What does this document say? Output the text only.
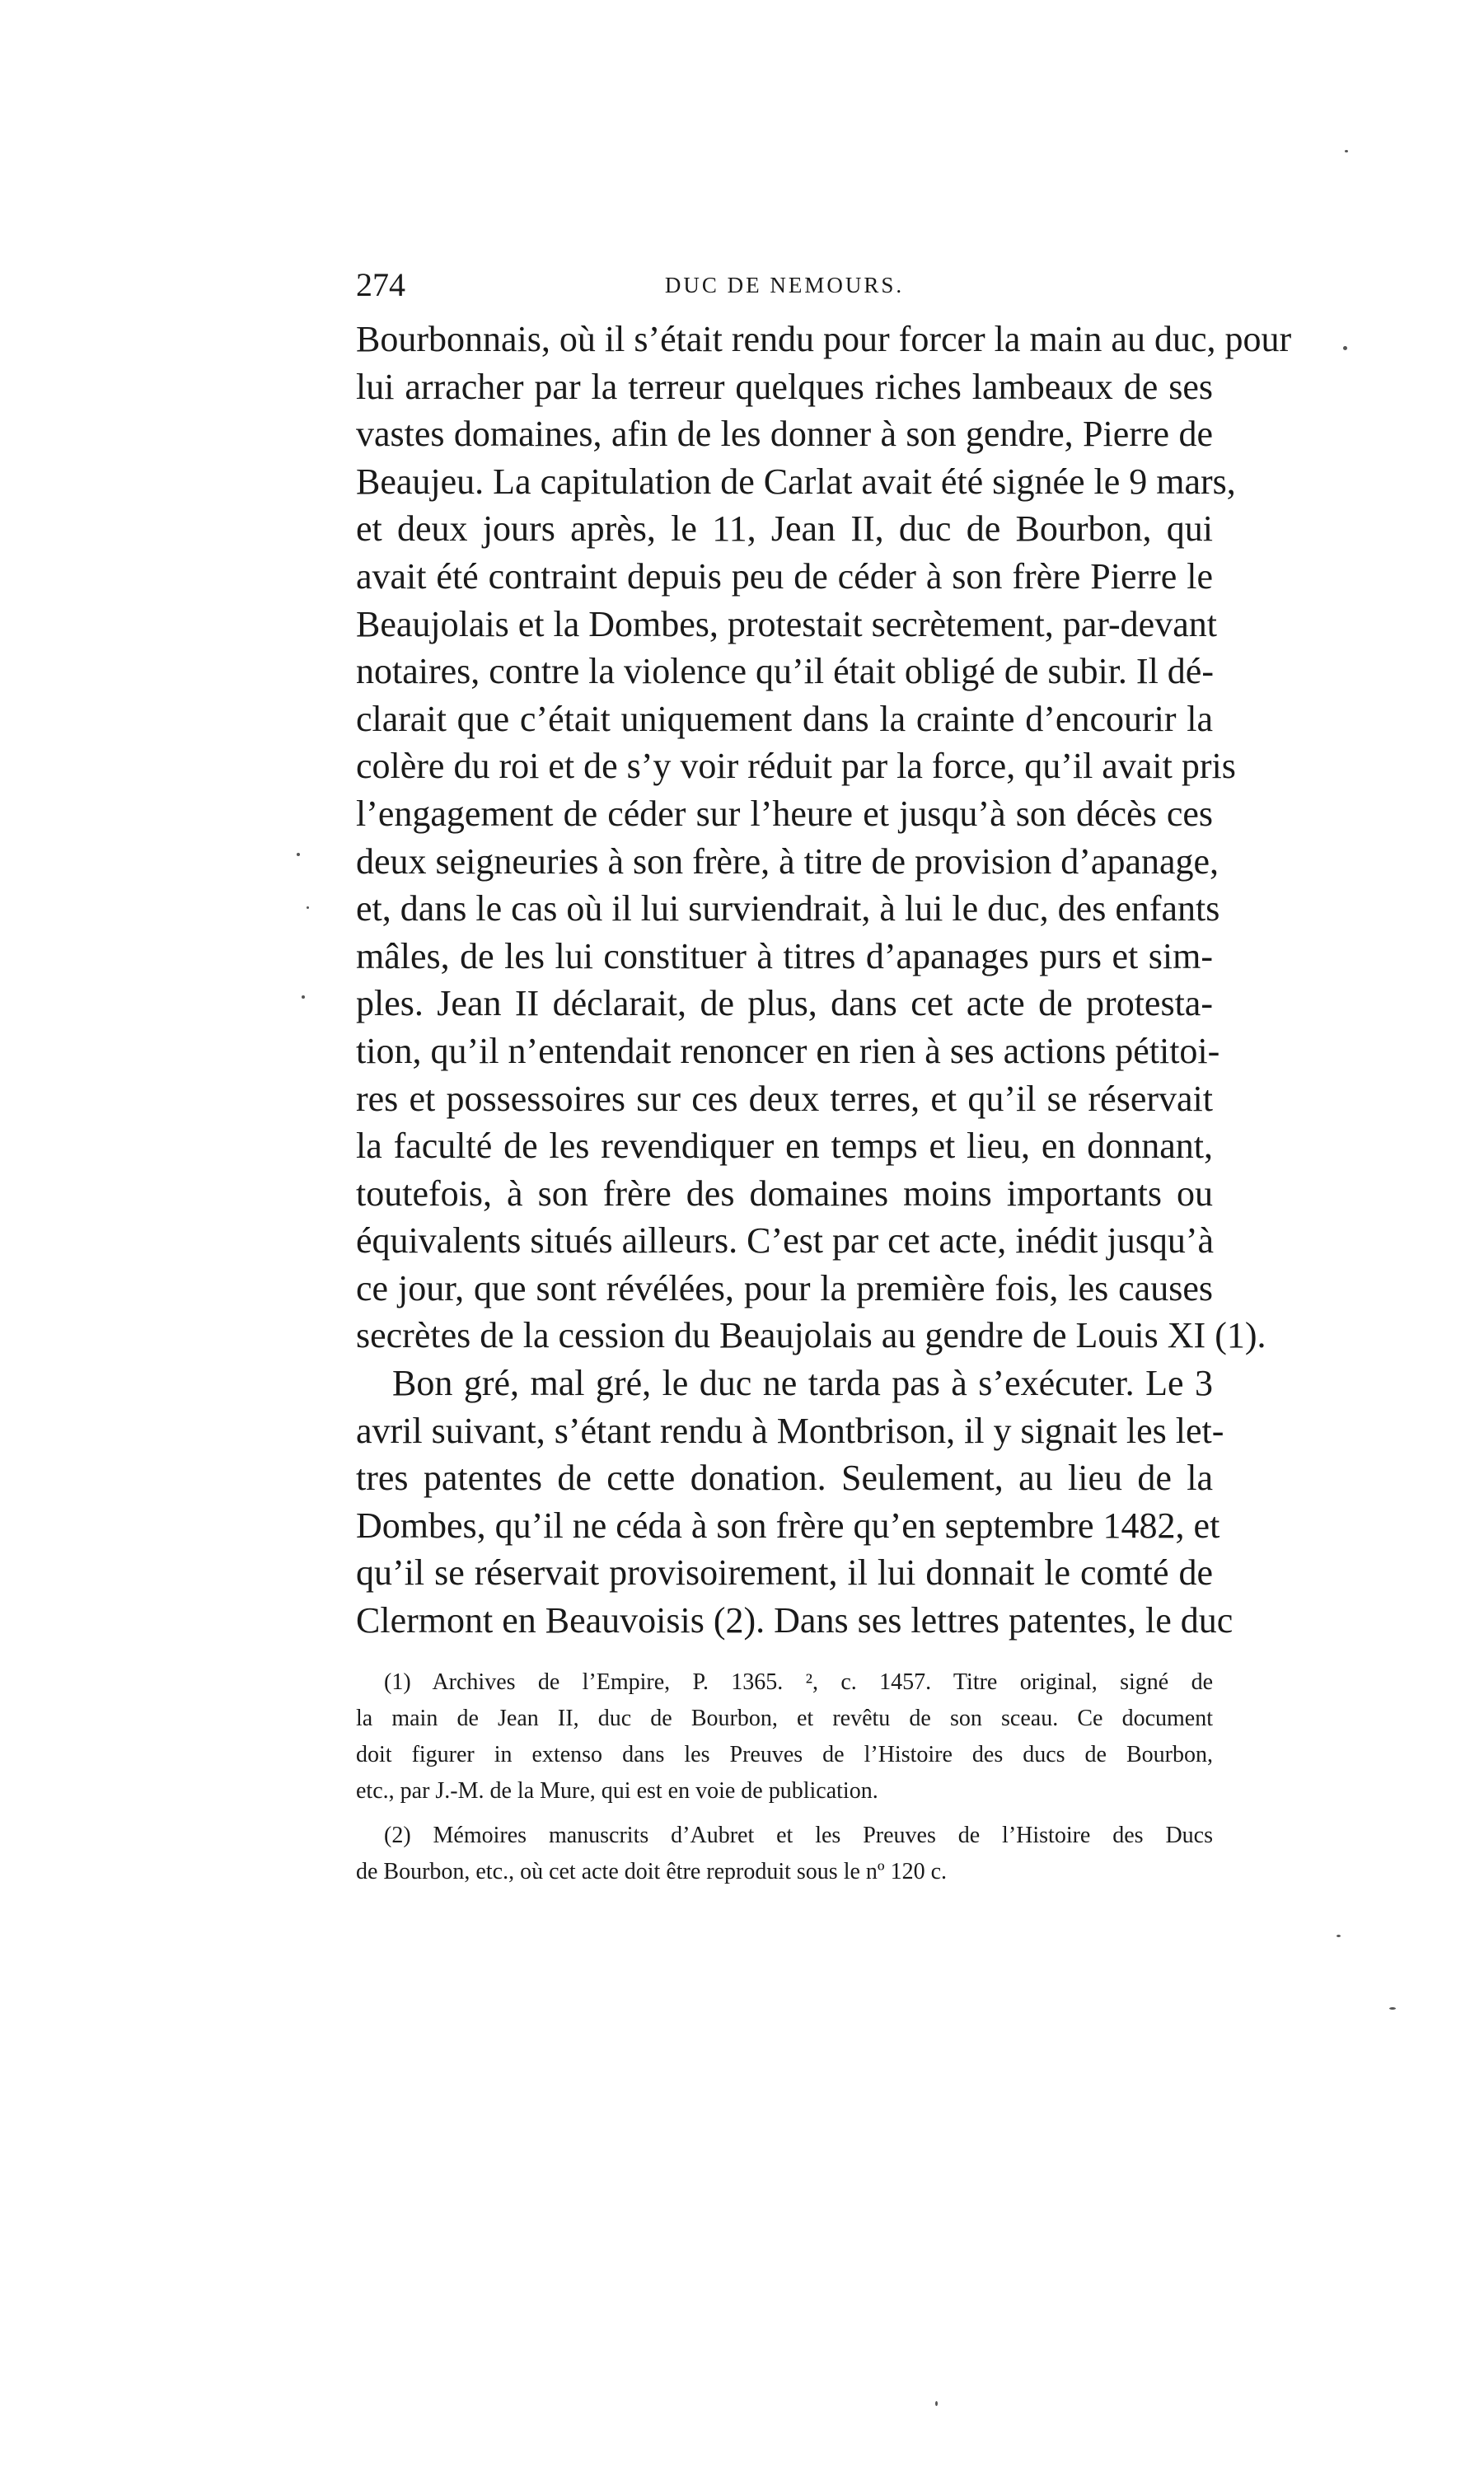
274	DUC DE NEMOURS.
Bourbonnais, où il s’était rendu pour forcer la main au duc, pour
lui arracher par la terreur quelques riches lambeaux de ses
vastes domaines, afin de les donner à son gendre, Pierre de
Beaujeu. La capitulation de Carlat avait été signée le 9 mars,
et deux jours après, le 11, Jean II, duc de Bourbon, qui
avait été contraint depuis peu de céder à son frère Pierre le
Beaujolais et la Dombes, protestait secrètement, par-devant
notaires, contre la violence qu’il était obligé de subir. Il dé-
clarait que c’était uniquement dans la crainte d’encourir la
colère du roi et de s’y voir réduit par la force, qu’il avait pris
l’engagement de céder sur l’heure et jusqu’à son décès ces
deux seigneuries à son frère, à titre de provision d’apanage,
et, dans le cas où il lui surviendrait, à lui le duc, des enfants
mâles, de les lui constituer à titres d’apanages purs et sim-
ples. Jean II déclarait, de plus, dans cet acte de protesta-
tion, qu’il n’entendait renoncer en rien à ses actions pétitoi-
res et possessoires sur ces deux terres, et qu’il se réservait
la faculté de les revendiquer en temps et lieu, en donnant,
toutefois, à son frère des domaines moins importants ou
équivalents situés ailleurs. C’est par cet acte, inédit jusqu’à
ce jour, que sont révélées, pour la première fois, les causes
secrètes de la cession du Beaujolais au gendre de Louis XI (1).
Bon gré, mal gré, le duc ne tarda pas à s’exécuter. Le 3
avril suivant, s’étant rendu à Montbrison, il y signait les let-
tres patentes de cette donation. Seulement, au lieu de la
Dombes, qu’il ne céda à son frère qu’en septembre 1482, et
qu’il se réservait provisoirement, il lui donnait le comté de
Clermont en Beauvoisis (2). Dans ses lettres patentes, le duc
(1) Archives de l’Empire, P. 1365. ², c. 1457. Titre original, signé de
la main de Jean II, duc de Bourbon, et revêtu de son sceau. Ce document
doit figurer in extenso dans les Preuves de l’Histoire des ducs de Bourbon,
etc., par J.-M. de la Mure, qui est en voie de publication.
(2) Mémoires manuscrits d’Aubret et les Preuves de l’Histoire des Ducs
de Bourbon, etc., où cet acte doit être reproduit sous le nº 120 c.
